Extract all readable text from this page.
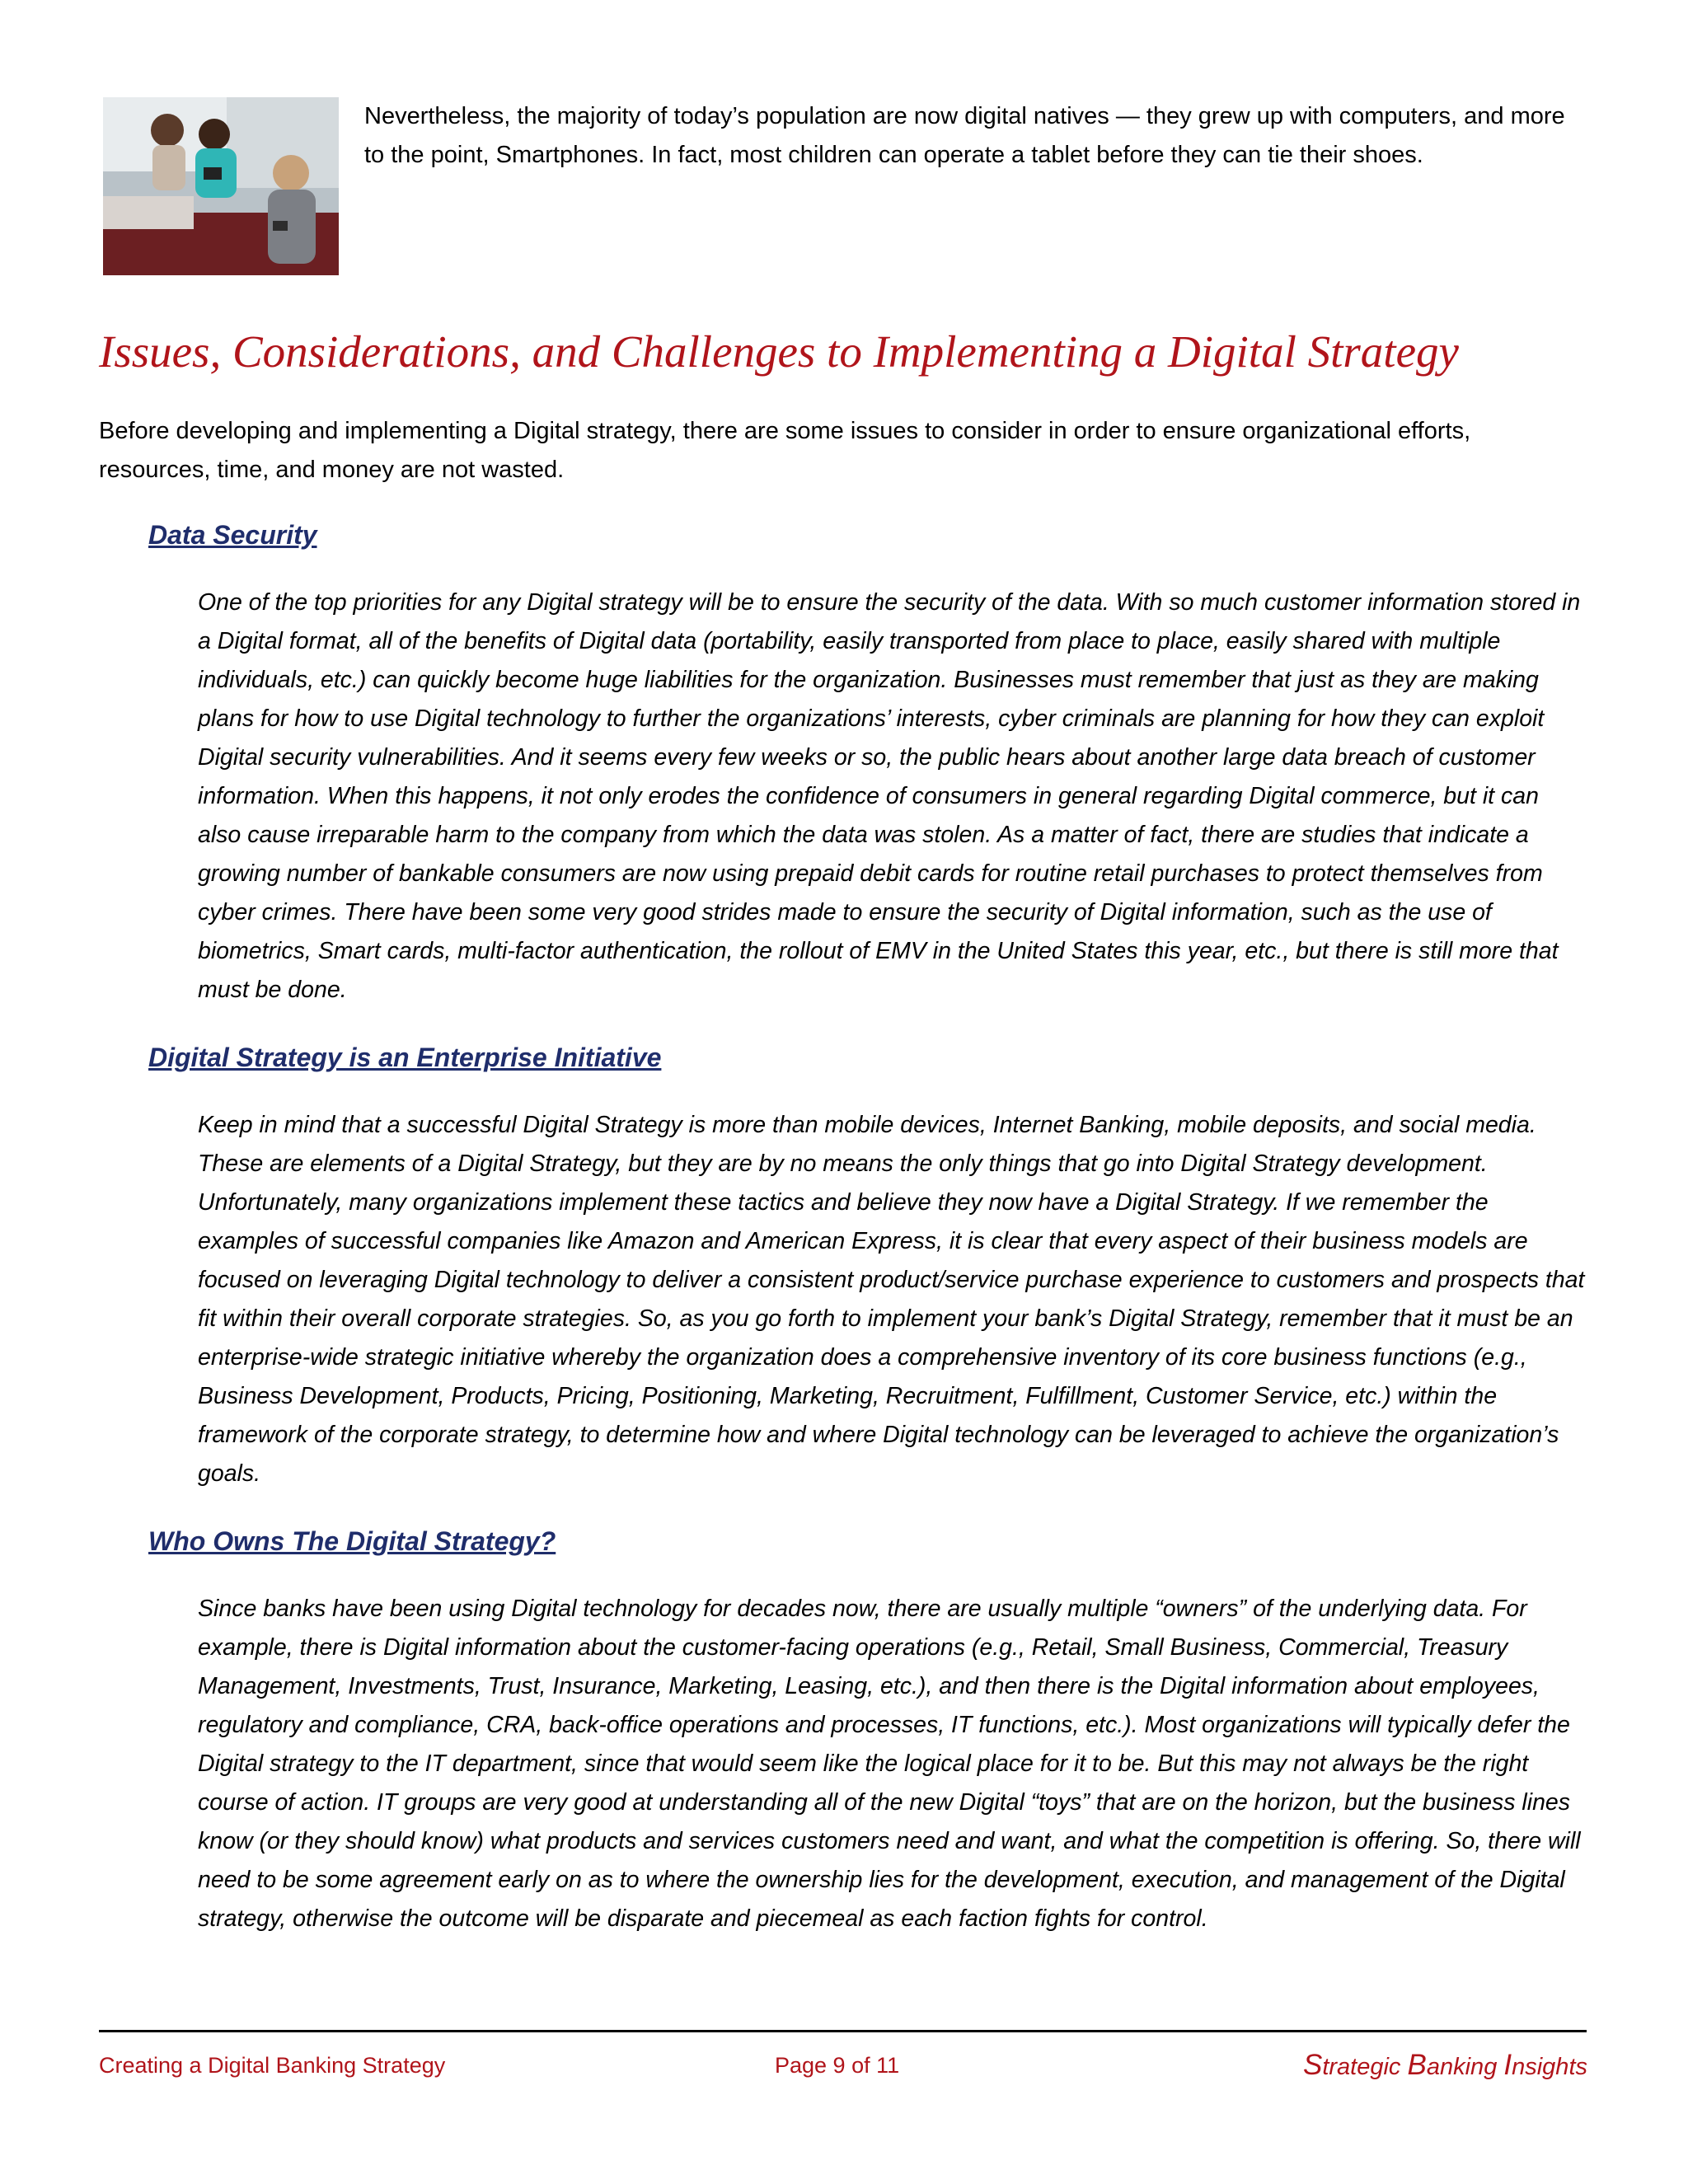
Nevertheless, the majority of today’s population are now digital natives — they grew up with computers, and more to the point, Smartphones. In fact, most children can operate a tablet before they can tie their shoes.

Issues, Considerations, and Challenges to Implementing a Digital Strategy

Before developing and implementing a Digital strategy, there are some issues to consider in order to ensure organizational efforts, resources, time, and money are not wasted.

Data Security

One of the top priorities for any Digital strategy will be to ensure the security of the data. With so much customer information stored in a Digital format, all of the benefits of Digital data (portability, easily transported from place to place, easily shared with multiple individuals, etc.) can quickly become huge liabilities for the organization. Businesses must remember that just as they are making plans for how to use Digital technology to further the organizations’ interests, cyber criminals are planning for how they can exploit Digital security vulnerabilities. And it seems every few weeks or so, the public hears about another large data breach of customer information. When this happens, it not only erodes the confidence of consumers in general regarding Digital commerce, but it can also cause irreparable harm to the company from which the data was stolen. As a matter of fact, there are studies that indicate a growing number of bankable consumers are now using prepaid debit cards for routine retail purchases to protect themselves from cyber crimes. There have been some very good strides made to ensure the security of Digital information, such as the use of biometrics, Smart cards, multi-factor authentication, the rollout of EMV in the United States this year, etc., but there is still more that must be done.

Digital Strategy is an Enterprise Initiative

Keep in mind that a successful Digital Strategy is more than mobile devices, Internet Banking, mobile deposits, and social media. These are elements of a Digital Strategy, but they are by no means the only things that go into Digital Strategy development. Unfortunately, many organizations implement these tactics and believe they now have a Digital Strategy. If we remember the examples of successful companies like Amazon and American Express, it is clear that every aspect of their business models are focused on leveraging Digital technology to deliver a consistent product/service purchase experience to customers and prospects that fit within their overall corporate strategies. So, as you go forth to implement your bank’s Digital Strategy, remember that it must be an enterprise-wide strategic initiative whereby the organization does a comprehensive inventory of its core business functions (e.g., Business Development, Products, Pricing, Positioning, Marketing, Recruitment, Fulfillment, Customer Service, etc.) within the framework of the corporate strategy, to determine how and where Digital technology can be leveraged to achieve the organization’s goals.

Who Owns The Digital Strategy?

Since banks have been using Digital technology for decades now, there are usually multiple “owners” of the underlying data. For example, there is Digital information about the customer-facing operations (e.g., Retail, Small Business, Commercial, Treasury Management, Investments, Trust, Insurance, Marketing, Leasing, etc.), and then there is the Digital information about employees, regulatory and compliance, CRA, back-office operations and processes, IT functions, etc.). Most organizations will typically defer the Digital strategy to the IT department, since that would seem like the logical place for it to be. But this may not always be the right course of action. IT groups are very good at understanding all of the new Digital “toys” that are on the horizon, but the business lines know (or they should know) what products and services customers need and want, and what the competition is offering. So, there will need to be some agreement early on as to where the ownership lies for the development, execution, and management of the Digital strategy, otherwise the outcome will be disparate and piecemeal as each faction fights for control.

Creating a Digital Banking Strategy	Page 9 of 11	Strategic Banking Insights
